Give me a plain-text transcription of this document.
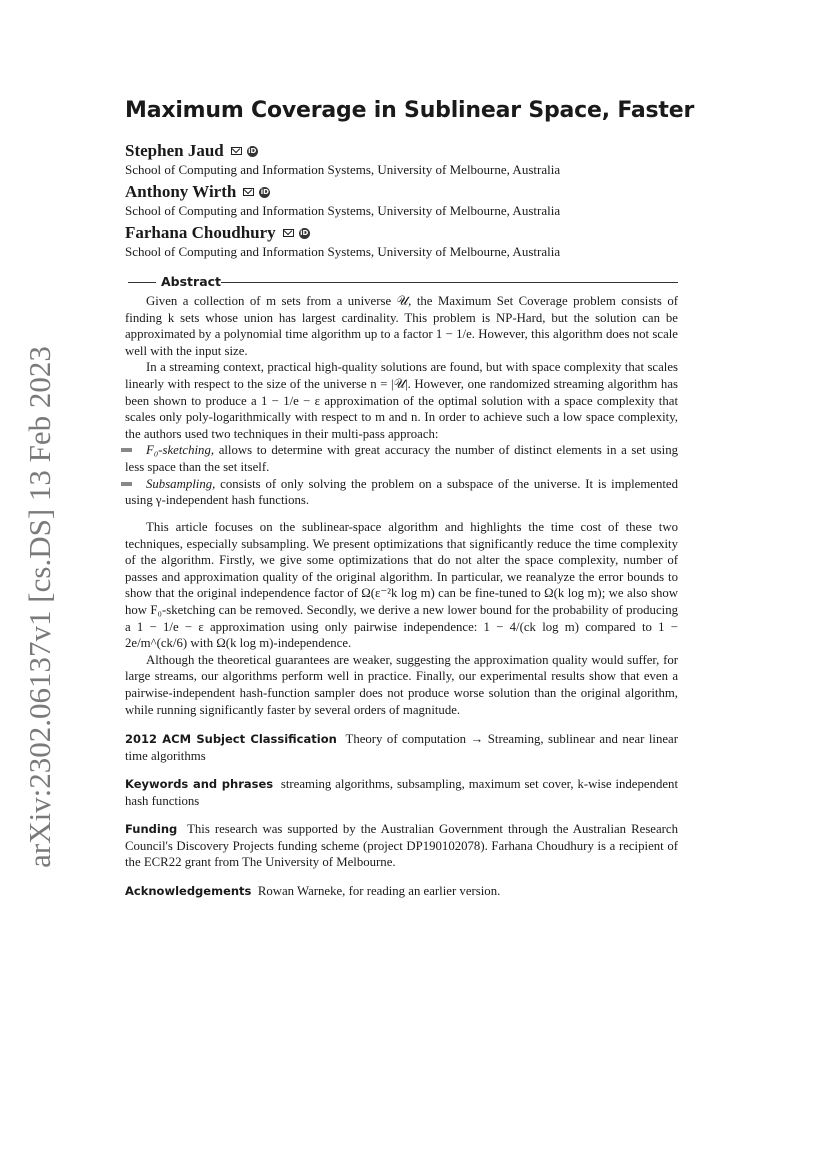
arXiv:2302.06137v1 [cs.DS] 13 Feb 2023
Maximum Coverage in Sublinear Space, Faster
Stephen Jaud	iD
School of Computing and Information Systems, University of Melbourne, Australia
Anthony Wirth	iD
School of Computing and Information Systems, University of Melbourne, Australia
Farhana Choudhury	iD
School of Computing and Information Systems, University of Melbourne, Australia
Abstract

Given a collection of m sets from a universe 𝒰, the Maximum Set Coverage problem consists of finding k sets whose union has largest cardinality. This problem is NP-Hard, but the solution can be approximated by a polynomial time algorithm up to a factor 1 − 1/e. However, this algorithm does not scale well with the input size.

In a streaming context, practical high-quality solutions are found, but with space complexity that scales linearly with respect to the size of the universe n = |𝒰|. However, one randomized streaming algorithm has been shown to produce a 1 − 1/e − ε approximation of the optimal solution with a space complexity that scales only poly-logarithmically with respect to m and n. In order to achieve such a low space complexity, the authors used two techniques in their multi-pass approach:

F₀-sketching, allows to determine with great accuracy the number of distinct elements in a set using less space than the set itself.
Subsampling, consists of only solving the problem on a subspace of the universe. It is implemented using γ-independent hash functions.

This article focuses on the sublinear-space algorithm and highlights the time cost of these two techniques, especially subsampling. We present optimizations that significantly reduce the time complexity of the algorithm. Firstly, we give some optimizations that do not alter the space complexity, number of passes and approximation quality of the original algorithm. In particular, we reanalyze the error bounds to show that the original independence factor of Ω(ε⁻²k log m) can be fine-tuned to Ω(k log m); we also show how F₀-sketching can be removed. Secondly, we derive a new lower bound for the probability of producing a 1 − 1/e − ε approximation using only pairwise independence: 1 − 4/(ck log m) compared to 1 − 2e/m^(ck/6) with Ω(k log m)-independence.

Although the theoretical guarantees are weaker, suggesting the approximation quality would suffer, for large streams, our algorithms perform well in practice. Finally, our experimental results show that even a pairwise-independent hash-function sampler does not produce worse solution than the original algorithm, while running significantly faster by several orders of magnitude.

2012 ACM Subject Classification Theory of computation → Streaming, sublinear and near linear time algorithms
Keywords and phrases streaming algorithms, subsampling, maximum set cover, k-wise independent hash functions
Funding This research was supported by the Australian Government through the Australian Research Council's Discovery Projects funding scheme (project DP190102078). Farhana Choudhury is a recipient of the ECR22 grant from The University of Melbourne.
Acknowledgements Rowan Warneke, for reading an earlier version.
